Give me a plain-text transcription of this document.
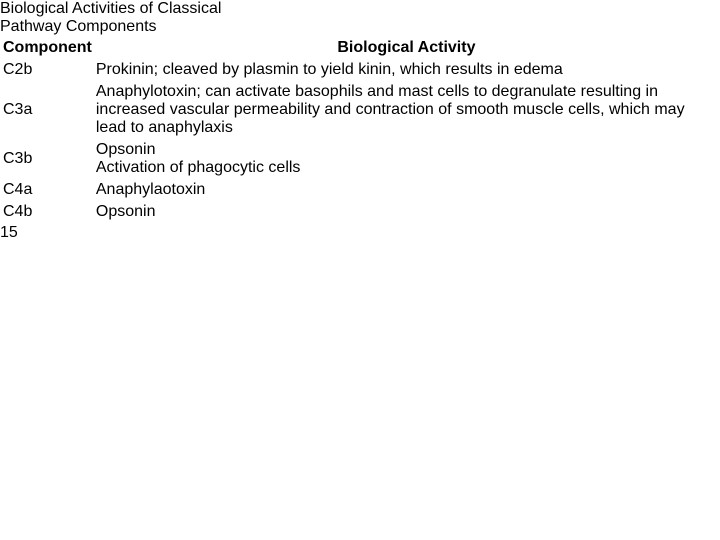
Biological Activities of Classical
Pathway Components
Component	Biological Activity
C2b	Prokinin; cleaved by plasmin to yield kinin, which results in edema

C3a	Anaphylotoxin; can activate basophils and mast cells to degranulate resulting in increased vascular permeability and contraction of smooth muscle cells, which may lead to anaphylaxis

C3b	Opsonin
Activation of phagocytic cells

C4a	Anaphylaotoxin

C4b	Opsonin
15
